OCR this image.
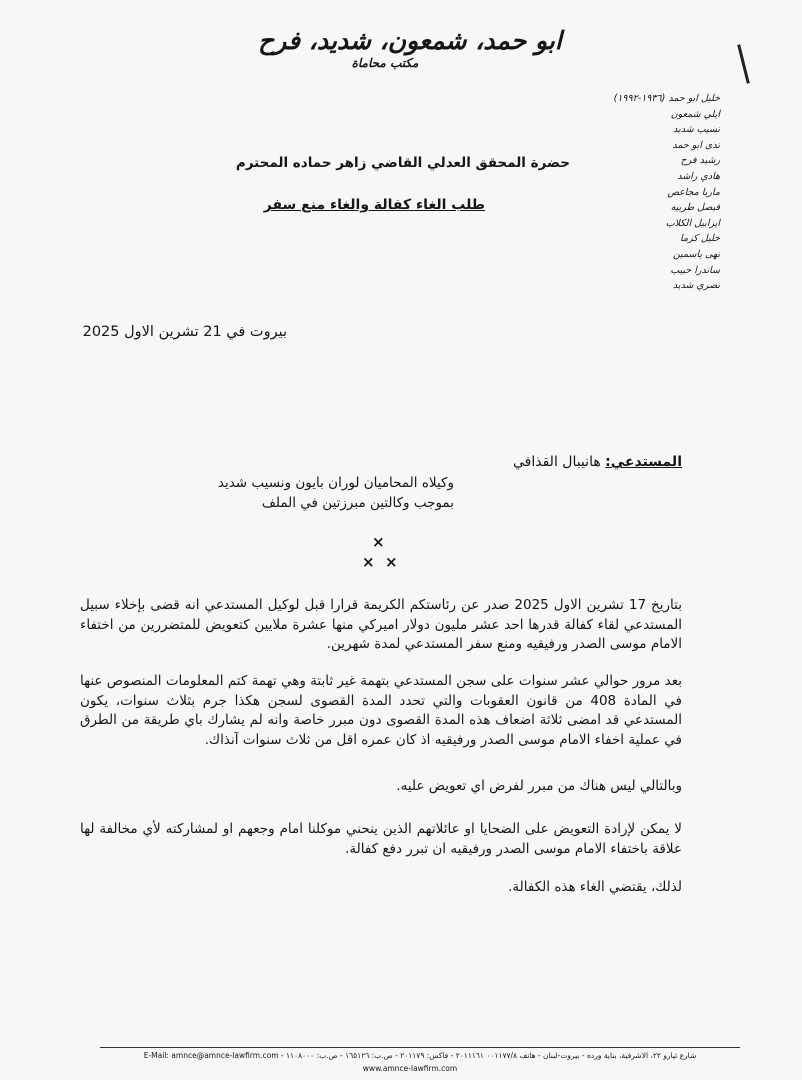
ابو حمد، شمعون، شديد، فرح
مكتب محاماة
خليل ابو حمد (١٩٣٦-١٩٩٢)
ايلي شمعون
نسيب شديد
ندى ابو حمد
رشيد فرح
هادي راشد
ماريا مجاعص
فيصل طربيه
ايزابيل الكلاب
خليل كزما
نهى ياسمين
ساندرا حبيب
نصري شديد
حضرة المحقق العدلي القاضي زاهر حماده المحترم
طلب الغاء كفالة والغاء منع سفر
بيروت في 21 تشرين الاول 2025
المستدعي: هانيبال القذافي
وكيلاه المحاميان لوران بايون ونسيب شديد
بموجب وكالتين مبرزتين في الملف
×
×  ×
بتاريخ 17 تشرين الاول 2025 صدر عن رئاستكم الكريمة قرارا قبل لوكيل المستدعي انه قضى بإخلاء سبيل المستدعي لقاء كفالة قدرها احد عشر مليون دولار اميركي منها عشرة ملايين كتعويض للمتضررين من اختفاء الامام موسى الصدر ورفيقيه ومنع سفر المستدعي لمدة شهرين.
بعد مرور حوالي عشر سنوات على سجن المستدعي بتهمة غير ثابتة وهي تهمة كتم المعلومات المنصوص عنها في المادة 408 من قانون العقوبات والتي تحدد المدة القصوى لسجن هكذا جرم بثلاث سنوات، يكون المستدعي قد امضى ثلاثة اضعاف هذه المدة القصوى دون مبرر خاصة وانه لم يشارك باي طريقة من الطرق في عملية اخفاء الامام موسى الصدر ورفيقيه اذ كان عمره اقل من ثلاث سنوات آنذاك.
وبالتالي ليس هناك من مبرر لفرض اي تعويض عليه.
لا يمكن لإرادة التعويض على الضحايا او عائلاتهم الذين ينحني موكلنا امام وجعهم او لمشاركته لأي مخالفة لها علاقة باختفاء الامام موسى الصدر ورفيقيه ان تبرر دفع كفالة.
لذلك، يقتضي الغاء هذه الكفالة.
شارع ثيارو ٢٢، الاشرفية، بناية ورده - بيروت-لبنان - هاتف ٠٠١١٧٧/٨ ٢٠١١١٦١ - فاكس: ٢٠١١٧٩ - ص.ب: ١٦٥١٢٦ - ص.ب: ١١٠٨٠٠٠ - E-Mail: amnce@amnce-lawfirm.com
www.amnce-lawfirm.com
